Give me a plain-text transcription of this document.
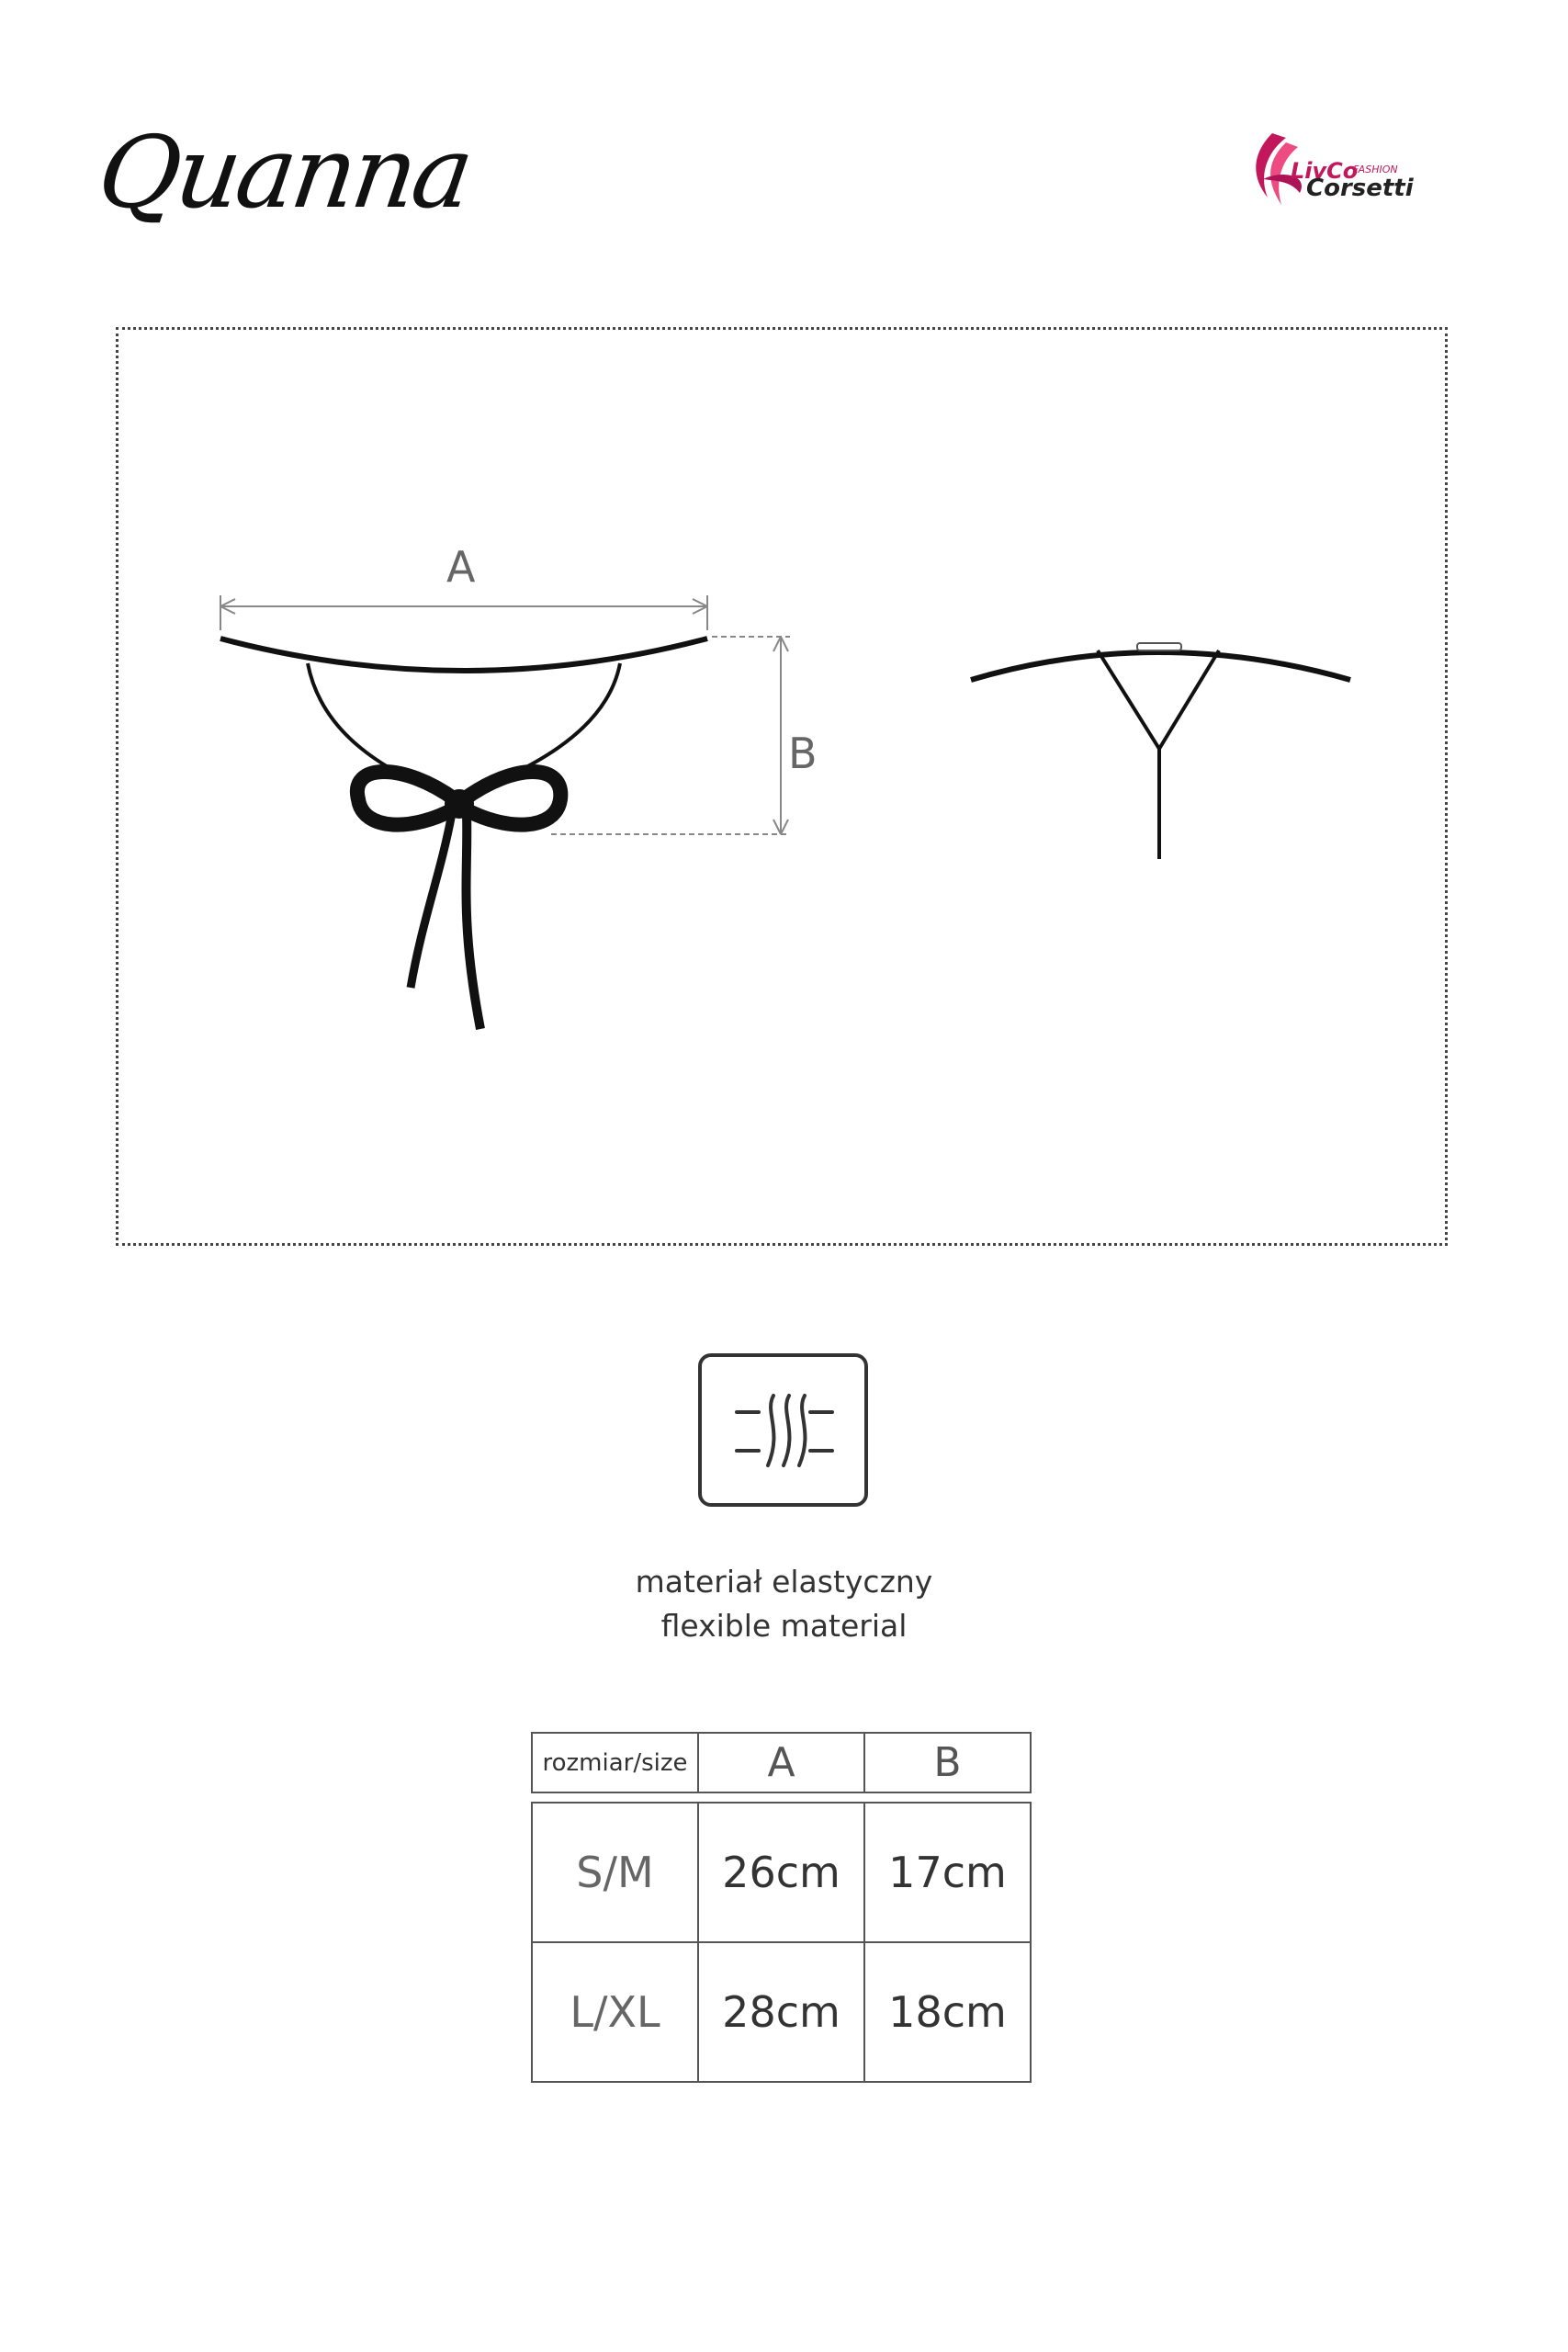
Quanna	LivCo
FASHION
Corsetti
A
B
materiał elastyczny
flexible material
rozmiar/size	A	B
S/M	26cm	17cm
L/XL	28cm	18cm
